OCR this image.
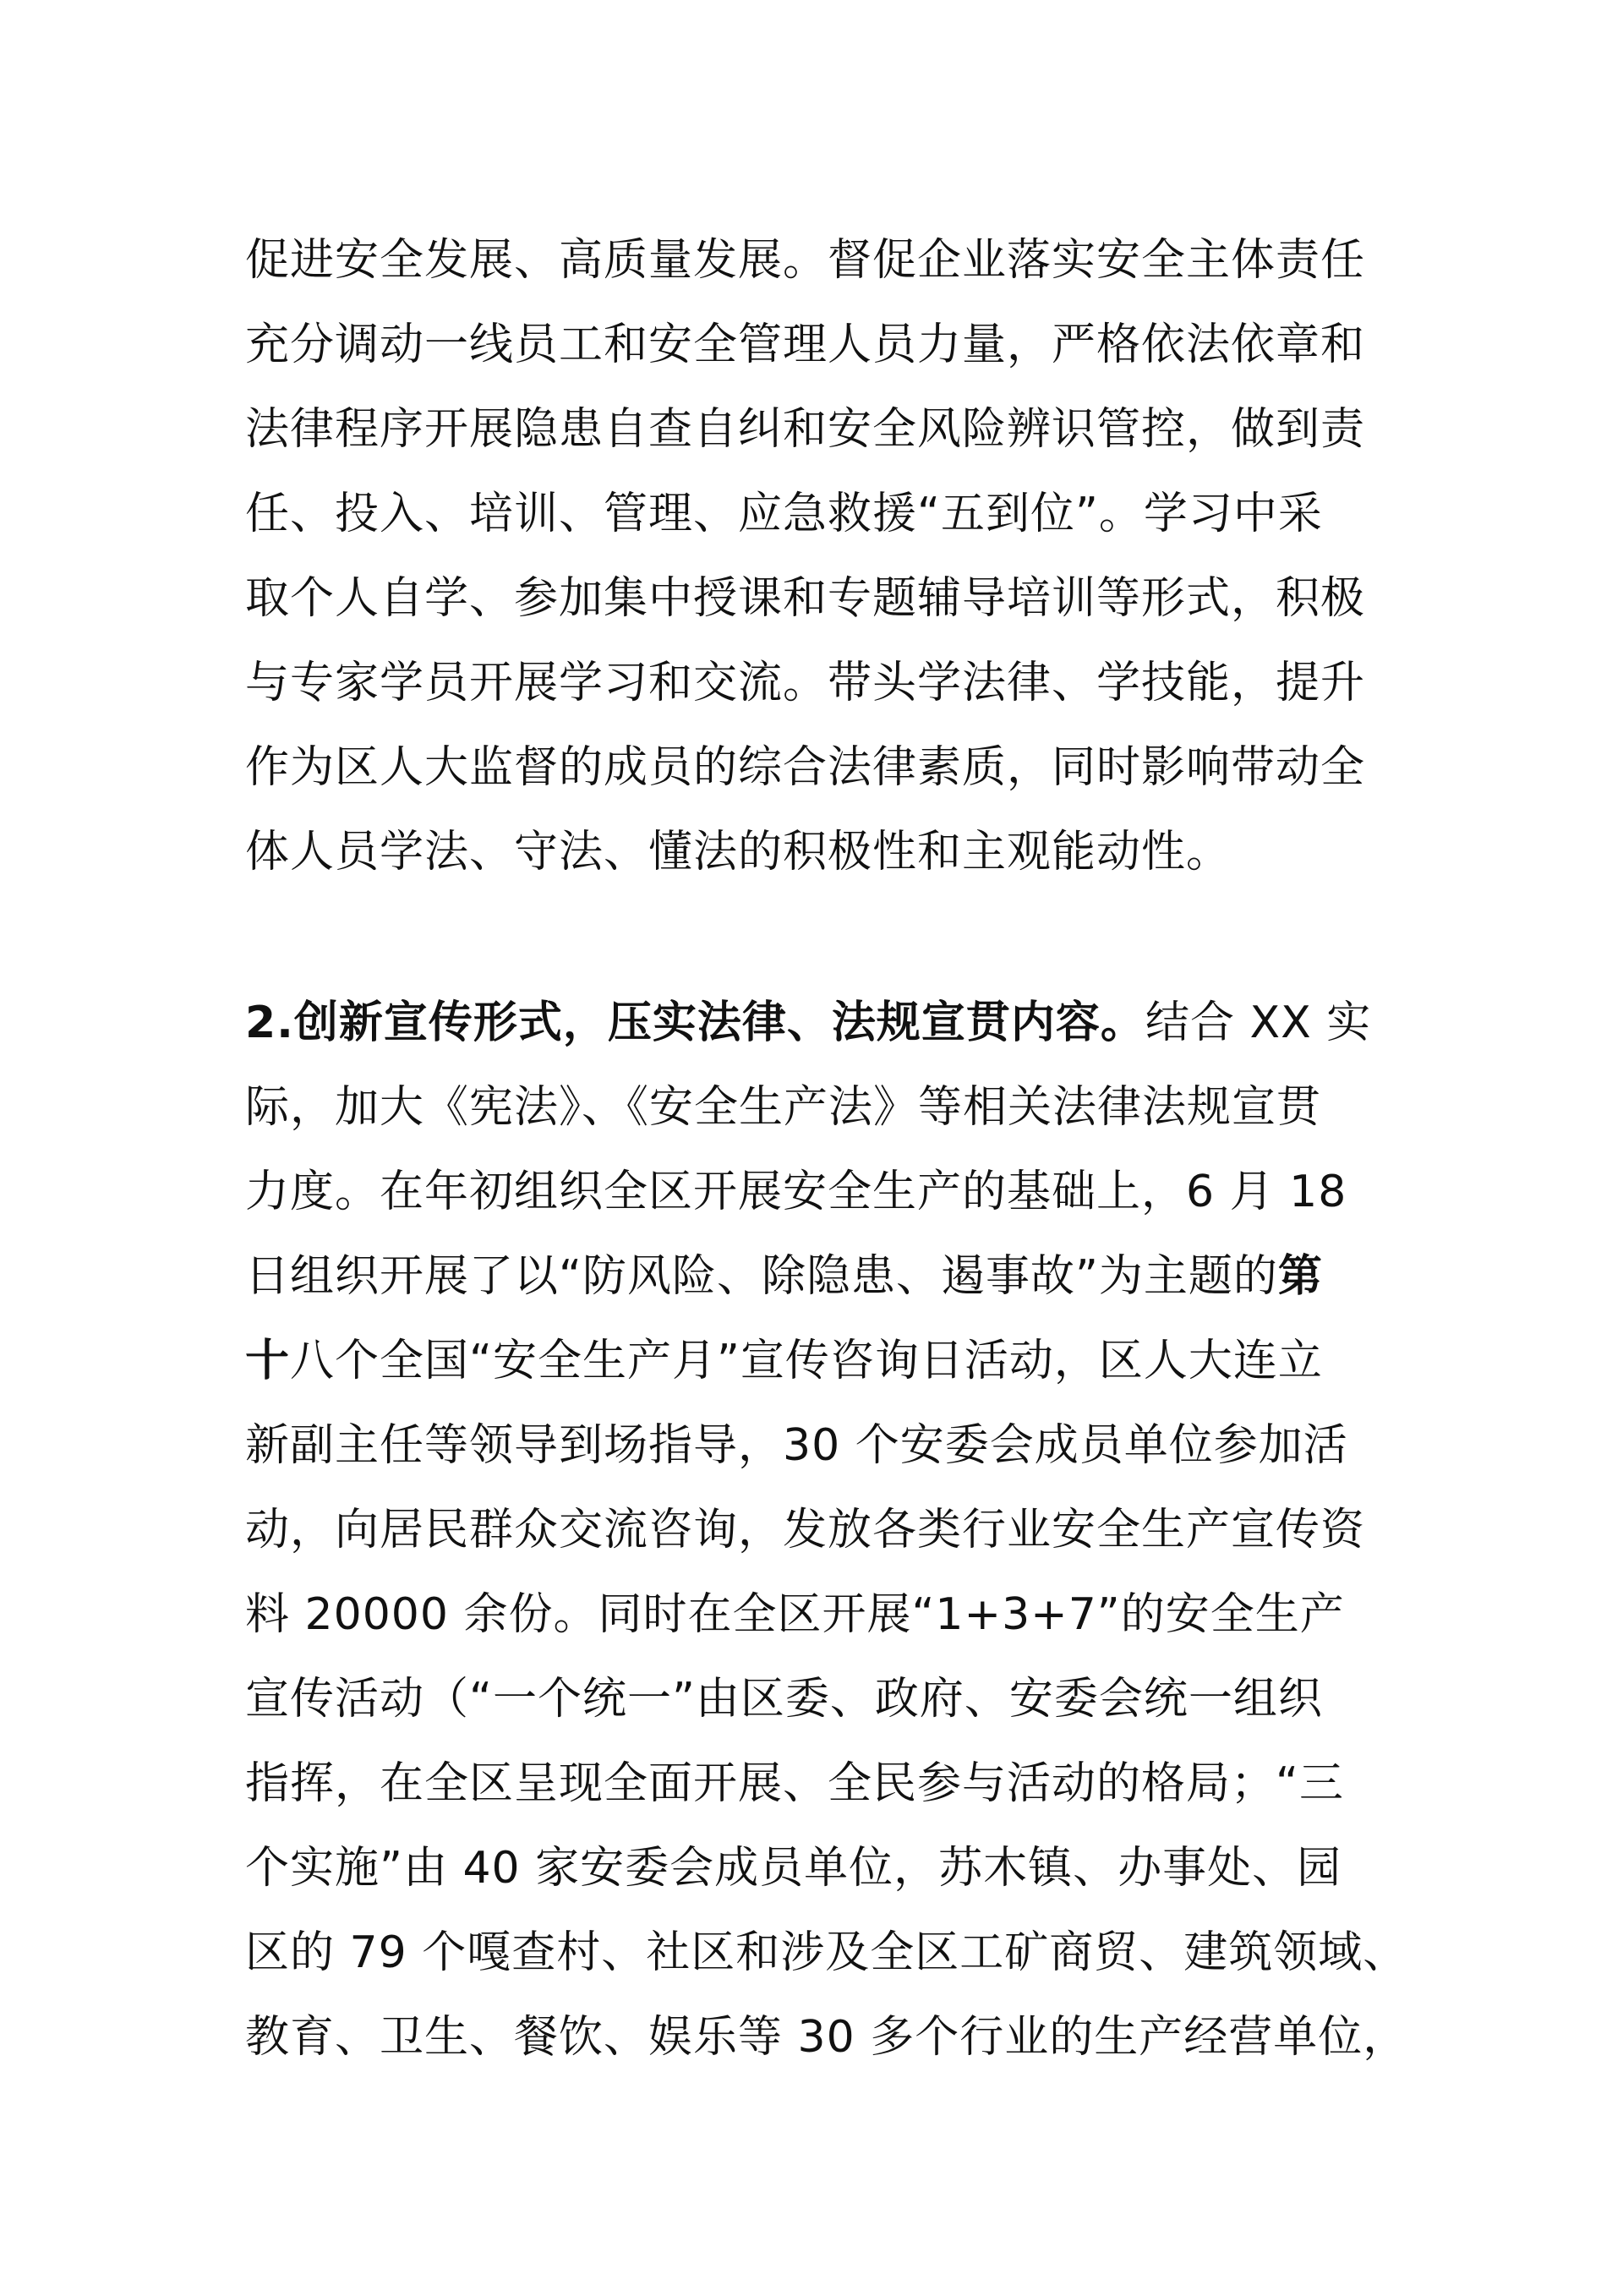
促进安全发展、高质量发展。督促企业落实安全主体责任
充分调动一线员工和安全管理人员力量，严格依法依章和
法律程序开展隐患自查自纠和安全风险辨识管控，做到责
任、投入、培训、管理、应急救援“五到位”。学习中采
取个人自学、参加集中授课和专题辅导培训等形式，积极
与专家学员开展学习和交流。带头学法律、学技能，提升
作为区人大监督的成员的综合法律素质，同时影响带动全
体人员学法、守法、懂法的积极性和主观能动性。
2.创新宣传形式，压实法律、法规宣贯内容。结合 XX 实
际，加大《宪法》、《安全生产法》等相关法律法规宣贯
力度。在年初组织全区开展安全生产的基础上，6 月 18
日组织开展了以“防风险、除隐患、遏事故”为主题的第
十八个全国“安全生产月”宣传咨询日活动，区人大连立
新副主任等领导到场指导，30 个安委会成员单位参加活
动，向居民群众交流咨询，发放各类行业安全生产宣传资
料 20000 余份。同时在全区开展“1+3+7”的安全生产
宣传活动（“一个统一”由区委、政府、安委会统一组织
指挥，在全区呈现全面开展、全民参与活动的格局；“三
个实施”由 40 家安委会成员单位，苏木镇、办事处、园
区的 79 个嘎查村、社区和涉及全区工矿商贸、建筑领域、
教育、卫生、餐饮、娱乐等 30 多个行业的生产经营单位，
